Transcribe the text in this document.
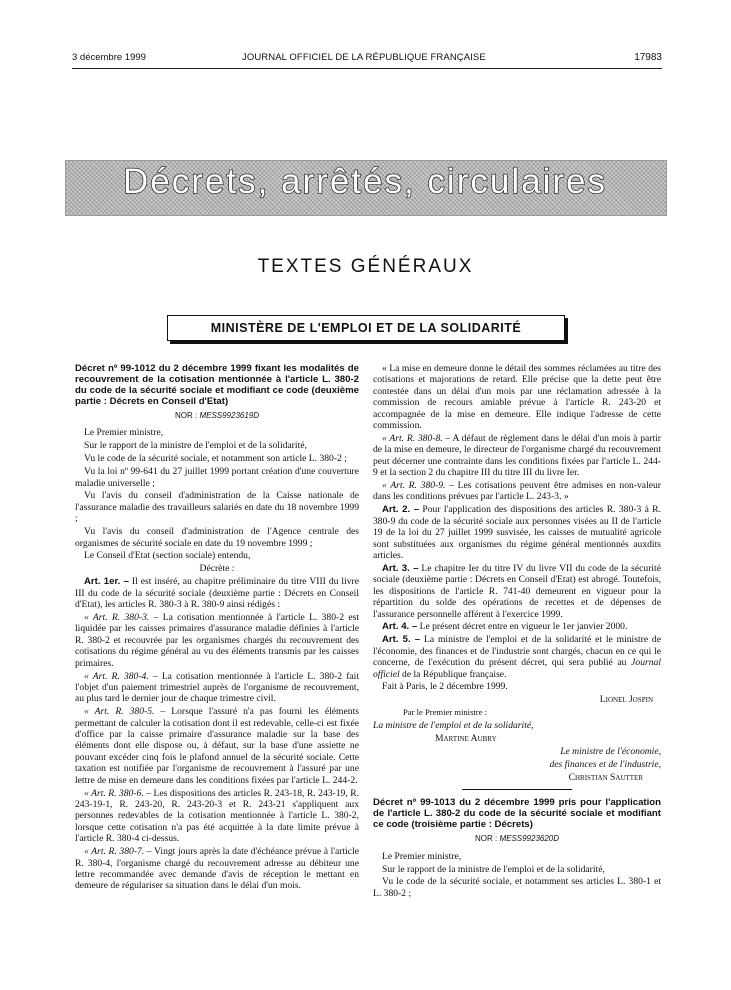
3 décembre 1999	JOURNAL OFFICIEL DE LA RÉPUBLIQUE FRANÇAISE	17983
Décrets, arrêtés, circulaires
TEXTES GÉNÉRAUX
MINISTÈRE DE L'EMPLOI ET DE LA SOLIDARITÉ

Décret nº 99-1012 du 2 décembre 1999 fixant les modalités de recouvrement de la cotisation mentionnée à l'article L. 380-2 du code de la sécurité sociale et modifiant ce code (deuxième partie : Décrets en Conseil d'Etat)

NOR : MESS9923619D

Le Premier ministre,

Sur le rapport de la ministre de l'emploi et de la solidarité,

Vu le code de la sécurité sociale, et notamment son article L. 380-2 ;

Vu la loi nº 99-641 du 27 juillet 1999 portant création d'une couverture maladie universelle ;

Vu l'avis du conseil d'administration de la Caisse nationale de l'assurance maladie des travailleurs salariés en date du 18 novembre 1999 ;

Vu l'avis du conseil d'administration de l'Agence centrale des organismes de sécurité sociale en date du 19 novembre 1999 ;

Le Conseil d'Etat (section sociale) entendu,

Décrète :

Art. 1er. – Il est inséré, au chapitre préliminaire du titre VIII du livre III du code de la sécurité sociale (deuxième partie : Décrets en Conseil d'Etat), les articles R. 380-3 à R. 380-9 ainsi rédigés :

« Art. R. 380-3. – La cotisation mentionnée à l'article L. 380-2 est liquidée par les caisses primaires d'assurance maladie définies à l'article R. 380-2 et recouvrée par les organismes chargés du recouvrement des cotisations du régime général au vu des éléments transmis par les caisses primaires.

« Art. R. 380-4. – La cotisation mentionnée à l'article L. 380-2 fait l'objet d'un paiement trimestriel auprès de l'organisme de recouvrement, au plus tard le dernier jour de chaque trimestre civil.

« Art. R. 380-5. – Lorsque l'assuré n'a pas fourni les éléments permettant de calculer la cotisation dont il est redevable, celle-ci est fixée d'office par la caisse primaire d'assurance maladie sur la base des éléments dont elle dispose ou, à défaut, sur la base d'une assiette ne pouvant excéder cinq fois le plafond annuel de la sécurité sociale. Cette taxation est notifiée par l'organisme de recouvrement à l'assuré par une lettre de mise en demeure dans les conditions fixées par l'article L. 244-2.

« Art. R. 380-6. – Les dispositions des articles R. 243-18, R. 243-19, R. 243-19-1, R. 243-20, R. 243-20-3 et R. 243-21 s'appliquent aux personnes redevables de la cotisation mentionnée à l'article L. 380-2, lorsque cette cotisation n'a pas été acquittée à la date limite prévue à l'article R. 380-4 ci-dessus.

« Art. R. 380-7. – Vingt jours après la date d'échéance prévue à l'article R. 380-4, l'organisme chargé du recouvrement adresse au débiteur une lettre recommandée avec demande d'avis de réception le mettant en demeure de régulariser sa situation dans le délai d'un mois.

« La mise en demeure donne le détail des sommes réclamées au titre des cotisations et majorations de retard. Elle précise que la dette peut être contestée dans un délai d'un mois par une réclamation adressée à la commission de recours amiable prévue à l'article R. 243-20 et accompagnée de la mise en demeure. Elle indique l'adresse de cette commission.

« Art. R. 380-8. – A défaut de règlement dans le délai d'un mois à partir de la mise en demeure, le directeur de l'organisme chargé du recouvrement peut décerner une contrainte dans les conditions fixées par l'article L. 244-9 et la section 2 du chapitre III du titre III du livre Ier.

« Art. R. 380-9. – Les cotisations peuvent être admises en non-valeur dans les conditions prévues par l'article L. 243-3. »

Art. 2. – Pour l'application des dispositions des articles R. 380-3 à R. 380-9 du code de la sécurité sociale aux personnes visées au II de l'article 19 de la loi du 27 juillet 1999 susvisée, les caisses de mutualité agricole sont substituées aux organismes du régime général mentionnés auxdits articles.

Art. 3. – Le chapitre Ier du titre IV du livre VII du code de la sécurité sociale (deuxième partie : Décrets en Conseil d'Etat) est abrogé. Toutefois, les dispositions de l'article R. 741-40 demeurent en vigueur pour la répartition du solde des opérations de recettes et de dépenses de l'assurance personnelle afférent à l'exercice 1999.

Art. 4. – Le présent décret entre en vigueur le 1er janvier 2000.

Art. 5. – La ministre de l'emploi et de la solidarité et le ministre de l'économie, des finances et de l'industrie sont chargés, chacun en ce qui le concerne, de l'exécution du présent décret, qui sera publié au Journal officiel de la République française.

Fait à Paris, le 2 décembre 1999.

Lionel Jospin

Par le Premier ministre :

La ministre de l'emploi et de la solidarité,

Martine Aubry

Le ministre de l'économie,

des finances et de l'industrie,

Christian Sautter

Décret nº 99-1013 du 2 décembre 1999 pris pour l'application de l'article L. 380-2 du code de la sécurité sociale et modifiant ce code (troisième partie : Décrets)

NOR : MESS9923620D

Le Premier ministre,

Sur le rapport de la ministre de l'emploi et de la solidarité,

Vu le code de la sécurité sociale, et notamment ses articles L. 380-1 et L. 380-2 ;
